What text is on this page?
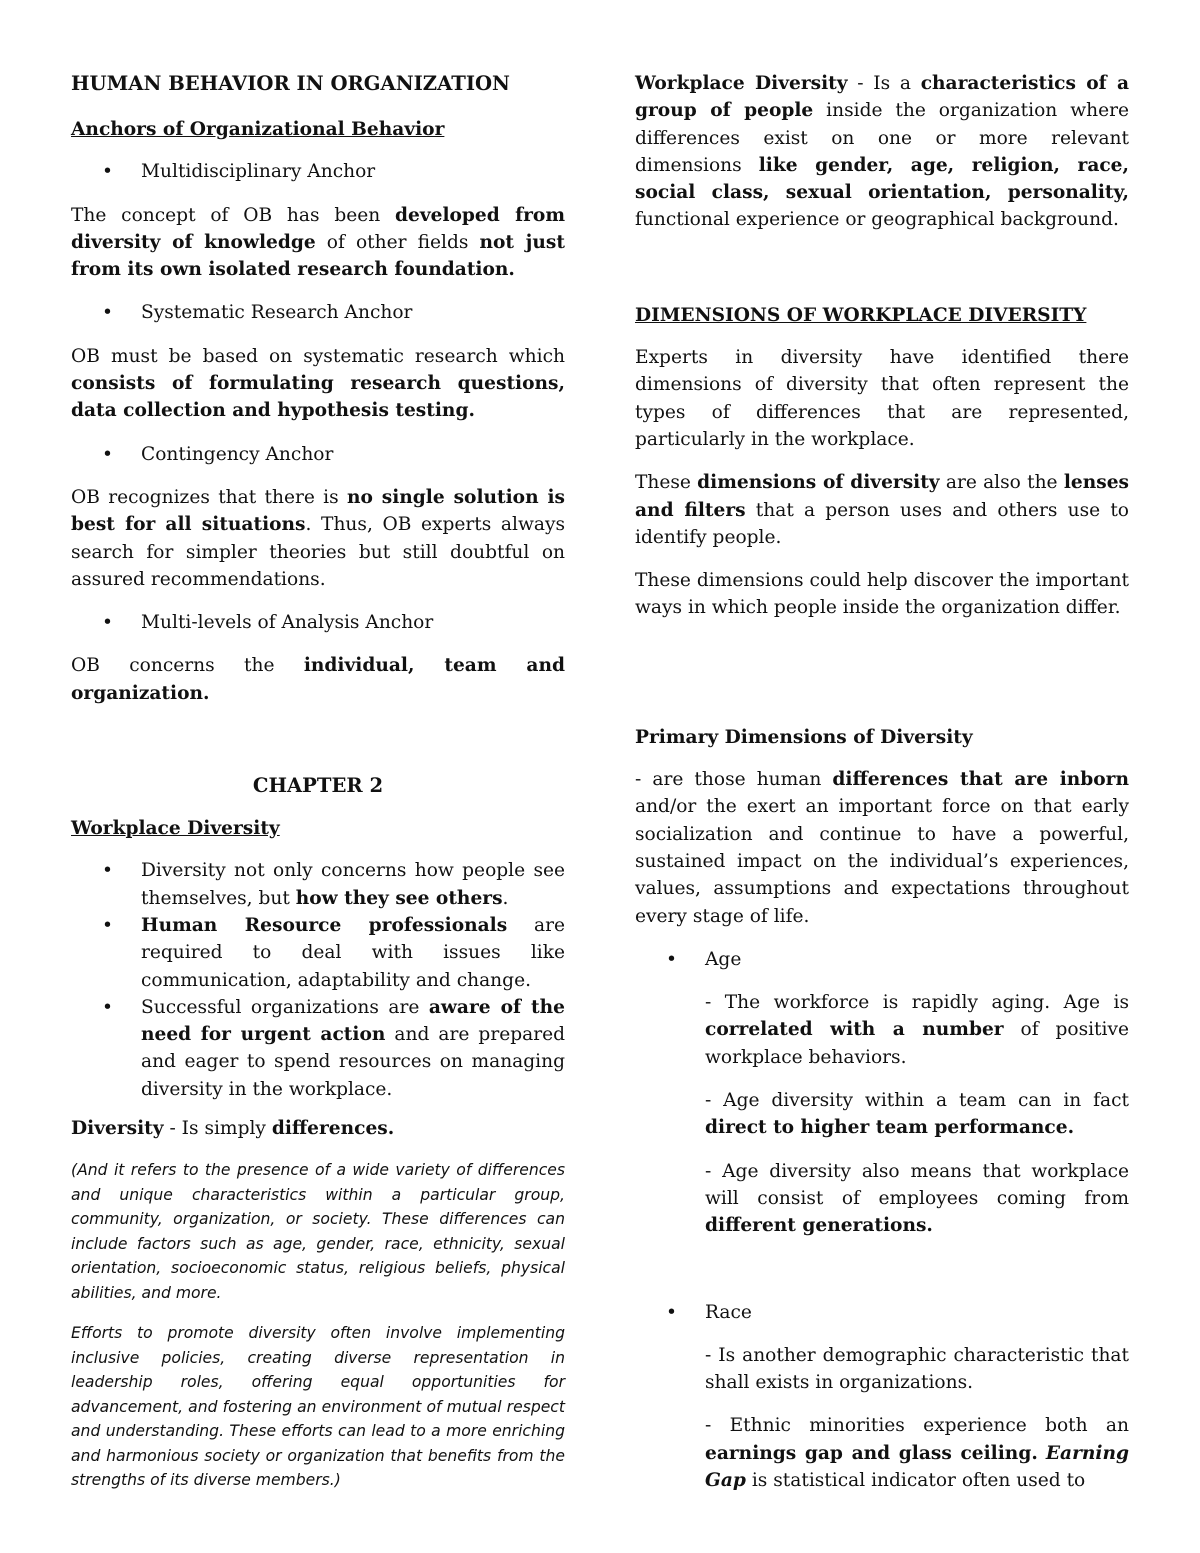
HUMAN BEHAVIOR IN ORGANIZATION
Anchors of Organizational Behavior
• Multidisciplinary Anchor

The concept of OB has been developed from diversity of knowledge of other fields not just from its own isolated research foundation.

• Systematic Research Anchor

OB must be based on systematic research which consists of formulating research questions, data collection and hypothesis testing.

• Contingency Anchor

OB recognizes that there is no single solution is best for all situations. Thus, OB experts always search for simpler theories but still doubtful on assured recommendations.

• Multi-levels of Analysis Anchor

OB concerns the individual, team and organization.

CHAPTER 2
Workplace Diversity
• Diversity not only concerns how people see themselves, but how they see others.
• Human Resource professionals are required to deal with issues like communication, adaptability and change.
• Successful organizations are aware of the need for urgent action and are prepared and eager to spend resources on managing diversity in the workplace.

Diversity - Is simply differences.

(And it refers to the presence of a wide variety of differences and unique characteristics within a particular group, community, organization, or society. These differences can include factors such as age, gender, race, ethnicity, sexual orientation, socioeconomic status, religious beliefs, physical abilities, and more.

Efforts to promote diversity often involve implementing inclusive policies, creating diverse representation in leadership roles, offering equal opportunities for advancement, and fostering an environment of mutual respect and understanding. These efforts can lead to a more enriching and harmonious society or organization that benefits from the strengths of its diverse members.)

Workplace Diversity - Is a characteristics of a group of people inside the organization where differences exist on one or more relevant dimensions like gender, age, religion, race, social class, sexual orientation, personality, functional experience or geographical background.

DIMENSIONS OF WORKPLACE DIVERSITY

Experts in diversity have identified there dimensions of diversity that often represent the types of differences that are represented, particularly in the workplace.

These dimensions of diversity are also the lenses and filters that a person uses and others use to identify people.

These dimensions could help discover the important ways in which people inside the organization differ.

Primary Dimensions of Diversity

- are those human differences that are inborn and/or the exert an important force on that early socialization and continue to have a powerful, sustained impact on the individual’s experiences, values, assumptions and expectations throughout every stage of life.

• Age

- The workforce is rapidly aging. Age is correlated with a number of positive workplace behaviors.

- Age diversity within a team can in fact direct to higher team performance.

- Age diversity also means that workplace will consist of employees coming from different generations.

• Race

- Is another demographic characteristic that shall exists in organizations.

- Ethnic minorities experience both an earnings gap and glass ceiling. Earning Gap is statistical indicator often used to
